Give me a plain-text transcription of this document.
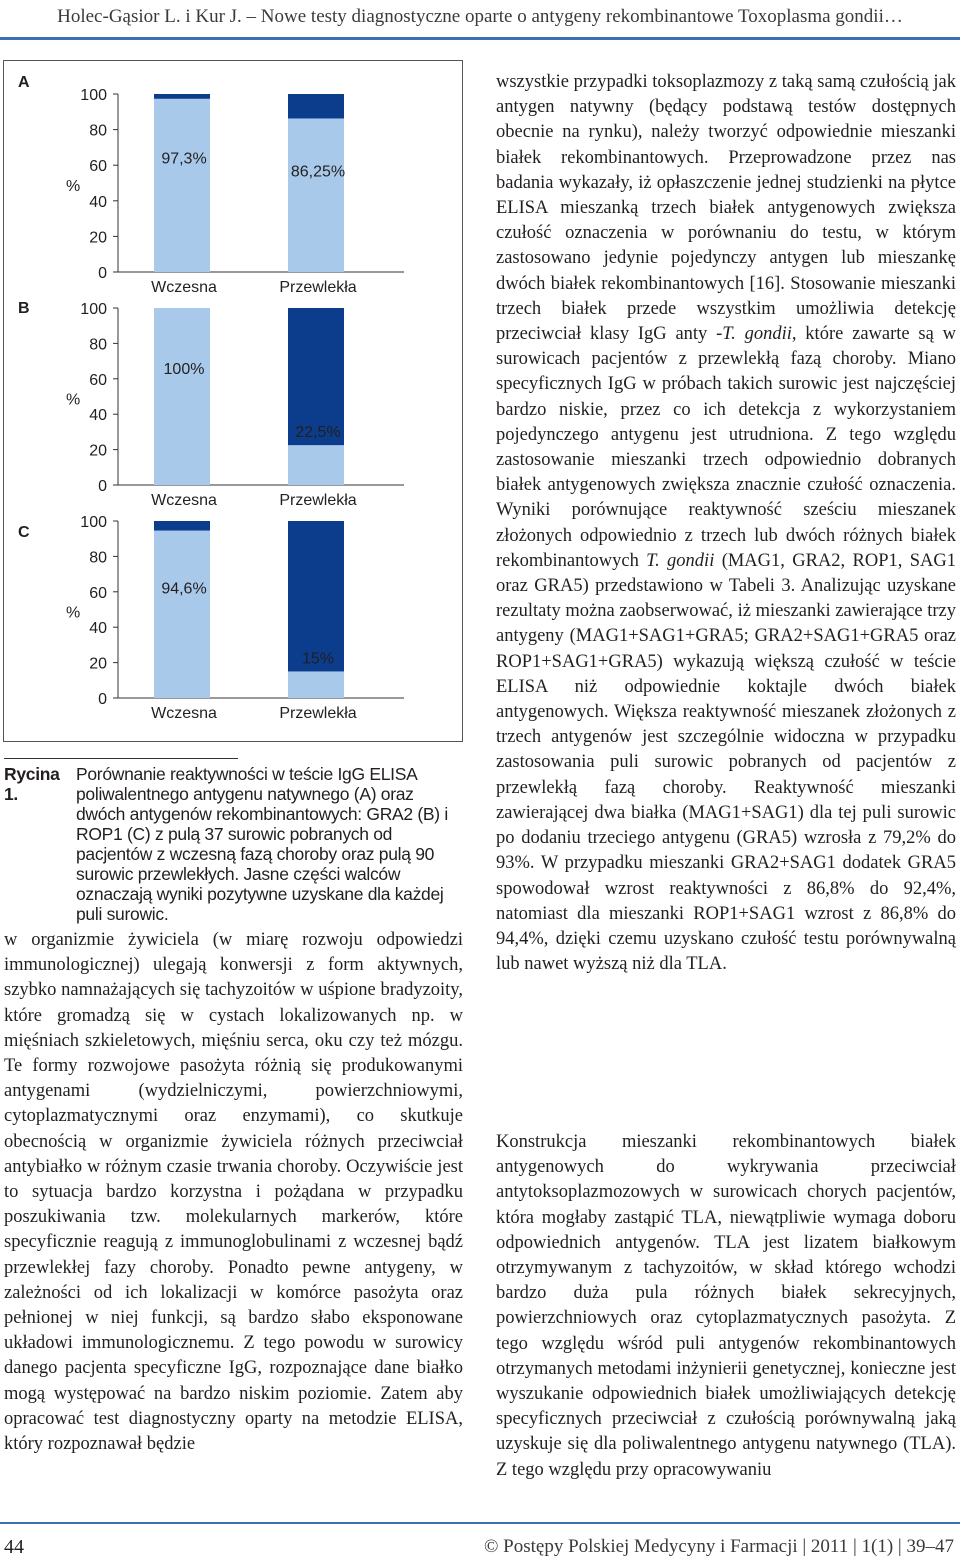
Holec-Gąsior L. i Kur J. – Nowe testy diagnostyczne oparte o antygeny rekombinantowe Toxoplasma gondii…
A
%
100
80
60
40
20
0
Wczesna
97,3%
Przewlekła
86,25%
B
%
100
80
60
40
20
0
Wczesna
100%
Przewlekła
22,5%
C
%
100
80
60
40
20
0
Wczesna
94,6%
Przewlekła
15%
Rycina 1.
Porównanie reaktywności w teście IgG ELISA poliwalentnego antygenu natywnego (A) oraz dwóch antygenów rekombinantowych: GRA2 (B) i ROP1 (C) z pulą 37 surowic pobranych od pacjentów z wczesną fazą choroby oraz pulą 90 surowic przewlekłych. Jasne części walców oznaczają wyniki pozytywne uzyskane dla każdej puli surowic.

w organizmie żywiciela (w miarę rozwoju odpowiedzi immunologicznej) ulegają konwersji z form aktywnych, szybko namnażających się tachyzoitów w uśpione bradyzoity, które gromadzą się w cystach lokalizowanych np. w mięśniach szkieletowych, mięśniu serca, oku czy też mózgu. Te formy rozwojowe pasożyta różnią się produkowanymi antygenami (wydzielniczymi, powierzchniowymi, cytoplazmatycznymi oraz enzymami), co skutkuje obecnością w organizmie żywiciela różnych przeciwciał antybiałko w różnym czasie trwania choroby. Oczywiście jest to sytuacja bardzo korzystna i pożądana w przypadku poszukiwania tzw. molekularnych markerów, które specyficznie reagują z immunoglobulinami z wczesnej bądź przewlekłej fazy choroby. Ponadto pewne antygeny, w zależności od ich lokalizacji w komórce pasożyta oraz pełnionej w niej funkcji, są bardzo słabo eksponowane układowi immunologicznemu. Z tego powodu w surowicy danego pacjenta specyficzne IgG, rozpoznające dane białko mogą występować na bardzo niskim poziomie. Zatem aby opracować test diagnostyczny oparty na metodzie ELISA, który rozpoznawał będzie

wszystkie przypadki toksoplazmozy z taką samą czułością jak antygen natywny (będący podstawą testów dostępnych obecnie na rynku), należy tworzyć odpowiednie mieszanki białek rekombinantowych. Przeprowadzone przez nas badania wykazały, iż opłaszczenie jednej studzienki na płytce ELISA mieszanką trzech białek antygenowych zwiększa czułość oznaczenia w porównaniu do testu, w którym zastosowano jedynie pojedynczy antygen lub mieszankę dwóch białek rekombinantowych [16]. Stosowanie mieszanki trzech białek przede wszystkim umożliwia detekcję przeciwciał klasy IgG anty -T. gondii, które zawarte są w surowicach pacjentów z przewlekłą fazą choroby. Miano specyficznych IgG w próbach takich surowic jest najczęściej bardzo niskie, przez co ich detekcja z wykorzystaniem pojedynczego antygenu jest utrudniona. Z tego względu zastosowanie mieszanki trzech odpowiednio dobranych białek antygenowych zwiększa znacznie czułość oznaczenia. Wyniki porównujące reaktywność sześciu mieszanek złożonych odpowiednio z trzech lub dwóch różnych białek rekombinantowych T. gondii (MAG1, GRA2, ROP1, SAG1 oraz GRA5) przedstawiono w Tabeli 3. Analizując uzyskane rezultaty można zaobserwować, iż mieszanki zawierające trzy antygeny (MAG1+SAG1+GRA5; GRA2+SAG1+GRA5 oraz ROP1+SAG1+GRA5) wykazują większą czułość w teście ELISA niż odpowiednie koktajle dwóch białek antygenowych. Większa reaktywność mieszanek złożonych z trzech antygenów jest szczególnie widoczna w przypadku zastosowania puli surowic pobranych od pacjentów z przewlekłą fazą choroby. Reaktywność mieszanki zawierającej dwa białka (MAG1+SAG1) dla tej puli surowic po dodaniu trzeciego antygenu (GRA5) wzrosła z 79,2% do 93%. W przypadku mieszanki GRA2+SAG1 dodatek GRA5 spowodował wzrost reaktywności z 86,8% do 92,4%, natomiast dla mieszanki ROP1+SAG1 wzrost z 86,8% do 94,4%, dzięki czemu uzyskano czułość testu porównywalną lub nawet wyższą niż dla TLA.

Konstrukcja mieszanki rekombinantowych białek antygenowych do wykrywania przeciwciał antytoksoplazmozowych w surowicach chorych pacjentów, która mogłaby zastąpić TLA, niewątpliwie wymaga doboru odpowiednich antygenów. TLA jest lizatem białkowym otrzymywanym z tachyzoitów, w skład którego wchodzi bardzo duża pula różnych białek sekrecyjnych, powierzchniowych oraz cytoplazmatycznych pasożyta. Z tego względu wśród puli antygenów rekombinantowych otrzymanych metodami inżynierii genetycznej, konieczne jest wyszukanie odpowiednich białek umożliwiających detekcję specyficznych przeciwciał z czułością porównywalną jaką uzyskuje się dla poliwalentnego antygenu natywnego (TLA). Z tego względu przy opracowywaniu

44	© Postępy Polskiej Medycyny i Farmacji | 2011 | 1(1) | 39–47
